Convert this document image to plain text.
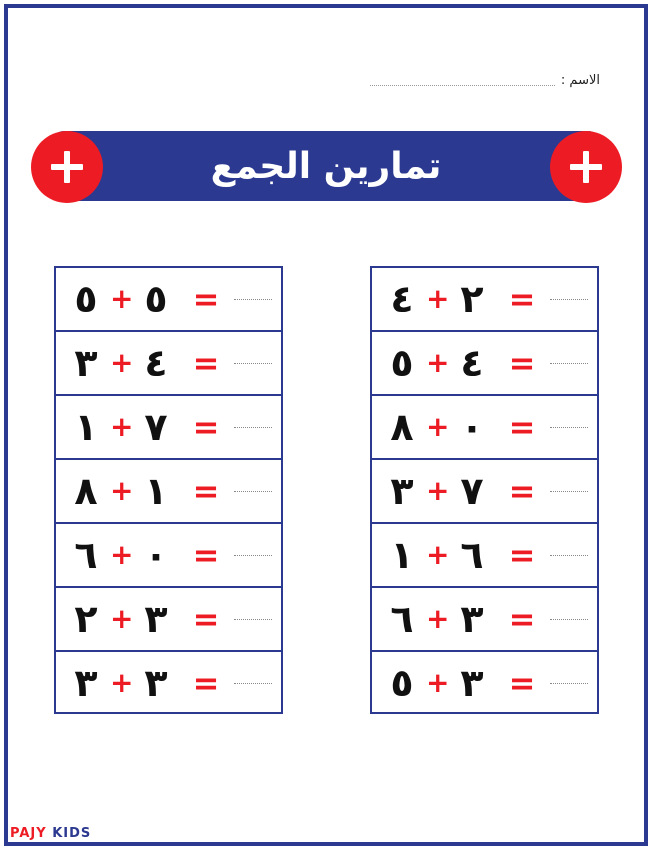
الاسم :
تمارين الجمع
٥ + ٥ =
٣ + ٤ =
١ + ٧ =
٨ + ١ =
٦ + ٠ =
٢ + ٣ =
٣ + ٣ =
٤ + ٢ =
٥ + ٤ =
٨ + ٠ =
٣ + ٧ =
١ + ٦ =
٦ + ٣ =
٥ + ٣ =
PAJY KIDS
